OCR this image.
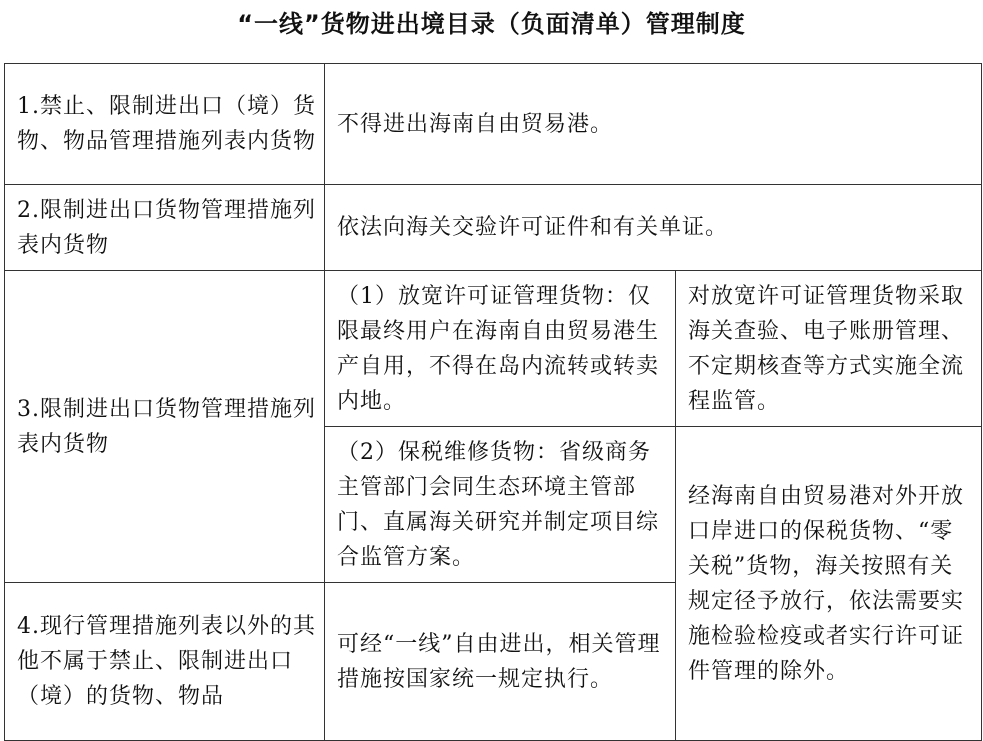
“一线”货物进出境目录（负面清单）管理制度
1.禁止、限制进出口（境）货物、物品管理措施列表内货物	不得进出海南自由贸易港。	
2.限制进出口货物管理措施列表内货物	依法向海关交验许可证件和有关单证。	
3.限制进出口货物管理措施列表内货物	（1）放宽许可证管理货物：仅限最终用户在海南自由贸易港生产自用，不得在岛内流转或转卖内地。	对放宽许可证管理货物采取海关查验、电子账册管理、不定期核查等方式实施全流程监管。
	（2）保税维修货物：省级商务主管部门会同生态环境主管部门、直属海关研究并制定项目综合监管方案。	经海南自由贸易港对外开放口岸进口的保税货物、“零关税”货物，海关按照有关规定径予放行，依法需要实施检验检疫或者实行许可证件管理的除外。
4.现行管理措施列表以外的其他不属于禁止、限制进出口（境）的货物、物品	可经“一线”自由进出，相关管理措施按国家统一规定执行。	
